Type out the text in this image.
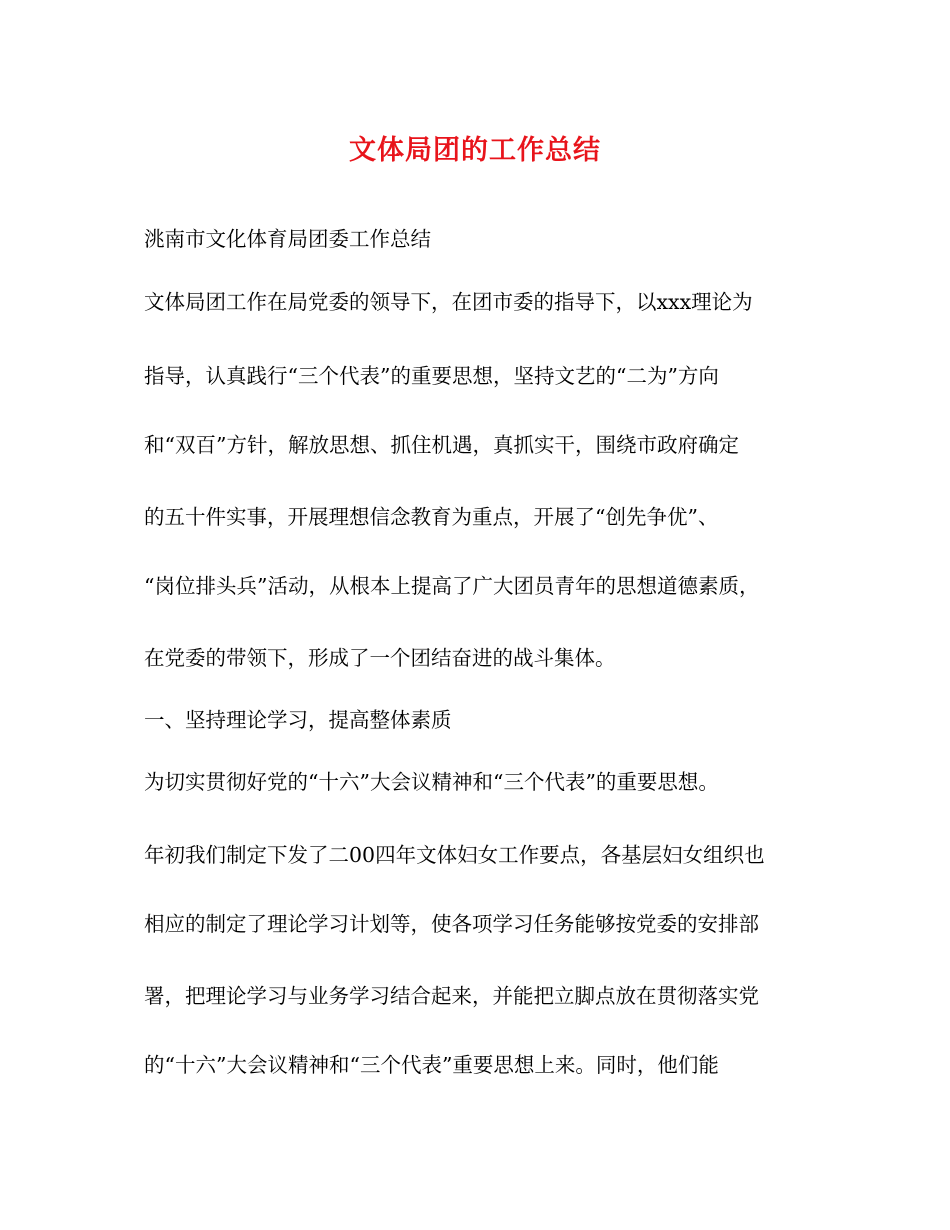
文体局团的工作总结
洮南市文化体育局团委工作总结
文体局团工作在局党委的领导下，在团市委的指导下，以xxx理论为
指导，认真践行“三个代表”的重要思想，坚持文艺的“二为”方向
和“双百”方针，解放思想、抓住机遇，真抓实干，围绕市政府确定
的五十件实事，开展理想信念教育为重点，开展了“创先争优”、
“岗位排头兵”活动，从根本上提高了广大团员青年的思想道德素质，
在党委的带领下，形成了一个团结奋进的战斗集体。
一、坚持理论学习，提高整体素质
为切实贯彻好党的“十六”大会议精神和“三个代表”的重要思想。
年初我们制定下发了二00四年文体妇女工作要点，各基层妇女组织也
相应的制定了理论学习计划等，使各项学习任务能够按党委的安排部
署，把理论学习与业务学习结合起来，并能把立脚点放在贯彻落实党
的“十六”大会议精神和“三个代表”重要思想上来。同时，他们能
